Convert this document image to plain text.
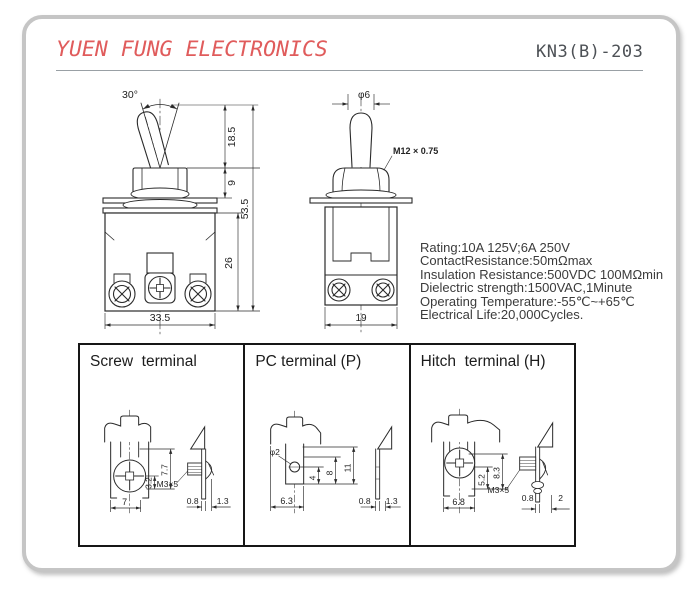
YUEN FUNG ELECTRONICS	KN3(B)-203
30°
18.5
9
26
53.5
33.5
φ6
M12 × 0.75
19
Rating:10A 125V;6A 250V
ContactResistance:50mΩmax
Insulation Resistance:500VDC 100MΩmin
Dielectric strength:1500VAC,1Minute
Operating Temperature:-55℃~+65℃
Electrical Life:20,000Cycles.
Screw  terminal
7
3.2
7.7
M3×5
0.8 1.3
PC terminal (P)
φ2
4
8
11
6.3	0.8 1.3
Hitch  terminal (H)
5.2
8.3
6.8
M3×5
0.8	2
